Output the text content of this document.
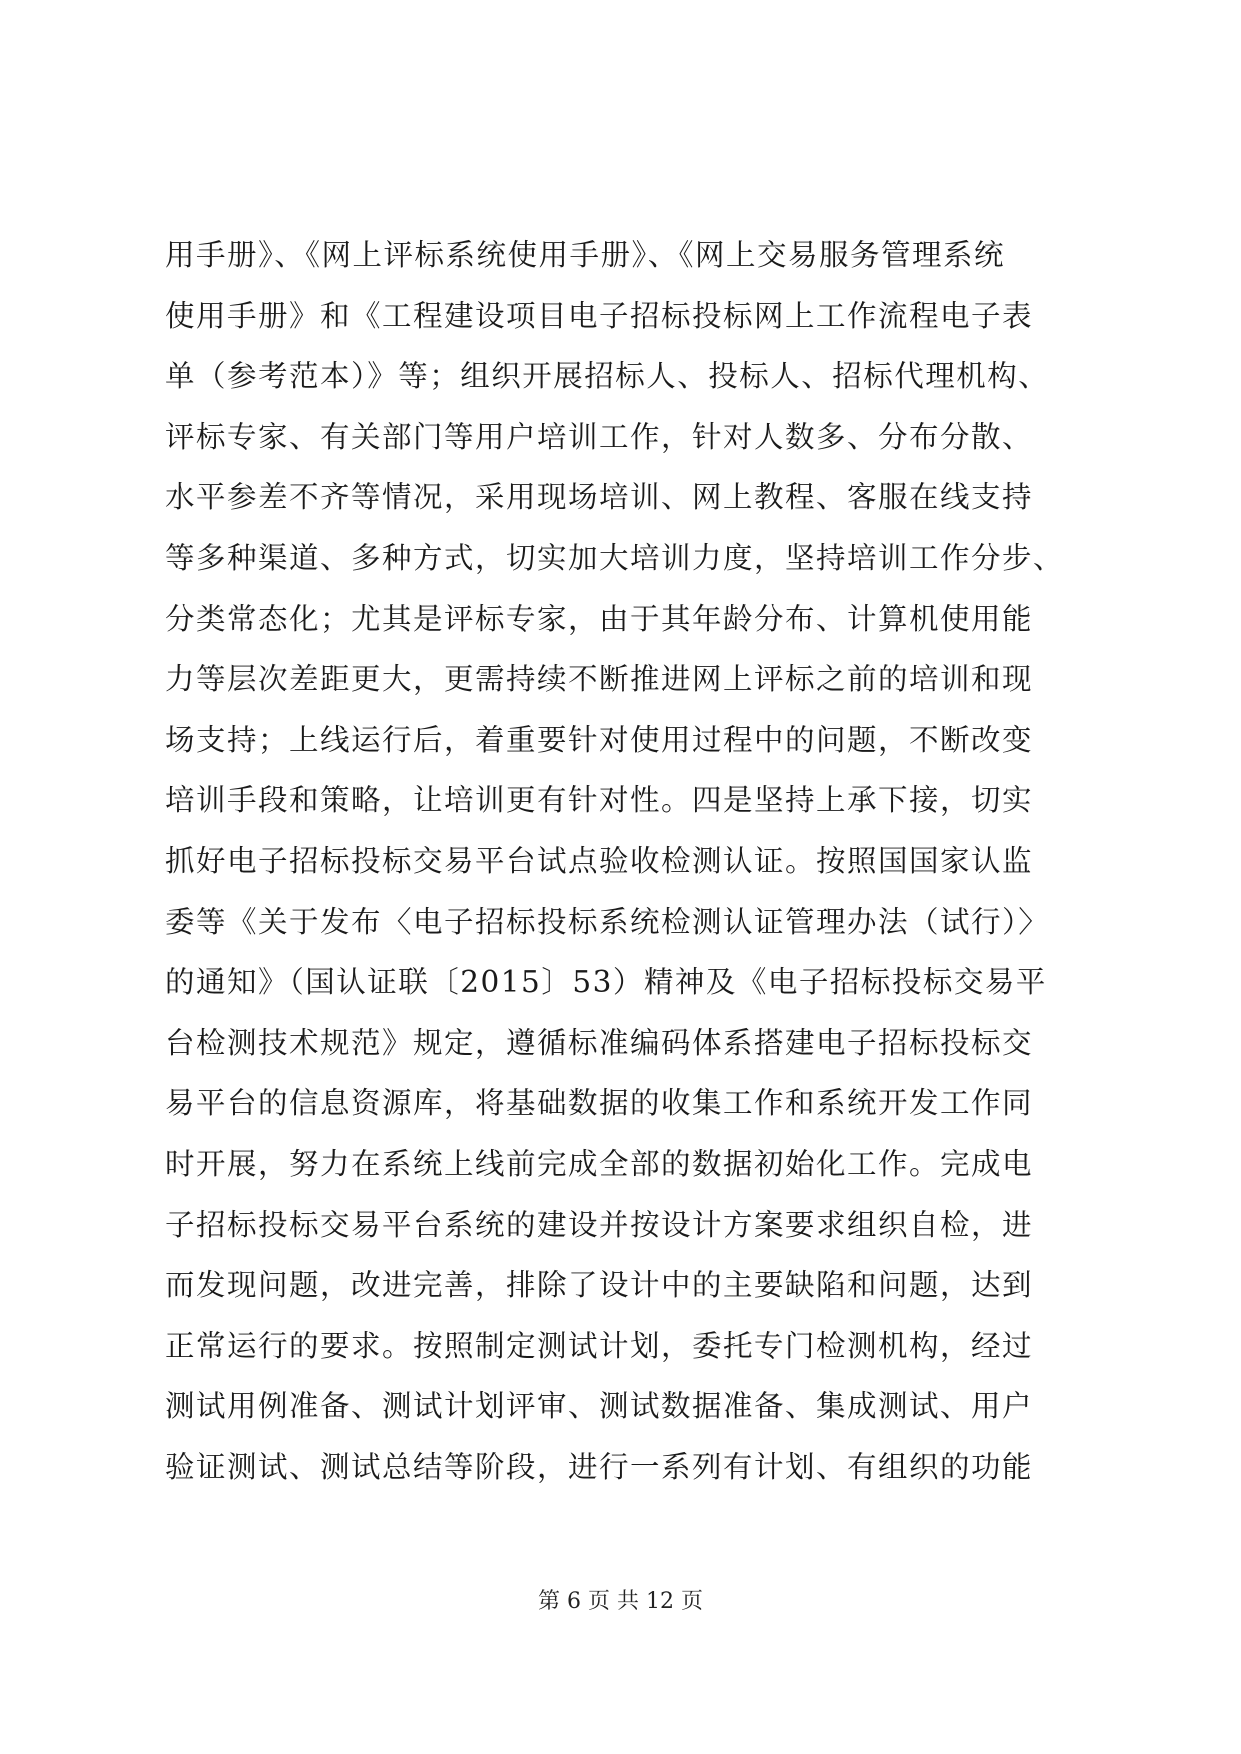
用手册》、《网上评标系统使用手册》、《网上交易服务管理系统
使用手册》和《工程建设项目电子招标投标网上工作流程电子表
单（参考范本）》等；组织开展招标人、投标人、招标代理机构、
评标专家、有关部门等用户培训工作，针对人数多、分布分散、
水平参差不齐等情况，采用现场培训、网上教程、客服在线支持
等多种渠道、多种方式，切实加大培训力度，坚持培训工作分步、
分类常态化；尤其是评标专家，由于其年龄分布、计算机使用能
力等层次差距更大，更需持续不断推进网上评标之前的培训和现
场支持；上线运行后，着重要针对使用过程中的问题，不断改变
培训手段和策略，让培训更有针对性。四是坚持上承下接，切实
抓好电子招标投标交易平台试点验收检测认证。按照国国家认监
委等《关于发布〈电子招标投标系统检测认证管理办法（试行）〉
的通知》（国认证联〔2015〕53）精神及《电子招标投标交易平
台检测技术规范》规定，遵循标准编码体系搭建电子招标投标交
易平台的信息资源库，将基础数据的收集工作和系统开发工作同
时开展，努力在系统上线前完成全部的数据初始化工作。完成电
子招标投标交易平台系统的建设并按设计方案要求组织自检，进
而发现问题，改进完善，排除了设计中的主要缺陷和问题，达到
正常运行的要求。按照制定测试计划，委托专门检测机构，经过
测试用例准备、测试计划评审、测试数据准备、集成测试、用户
验证测试、测试总结等阶段，进行一系列有计划、有组织的功能
第 6 页 共 12 页
